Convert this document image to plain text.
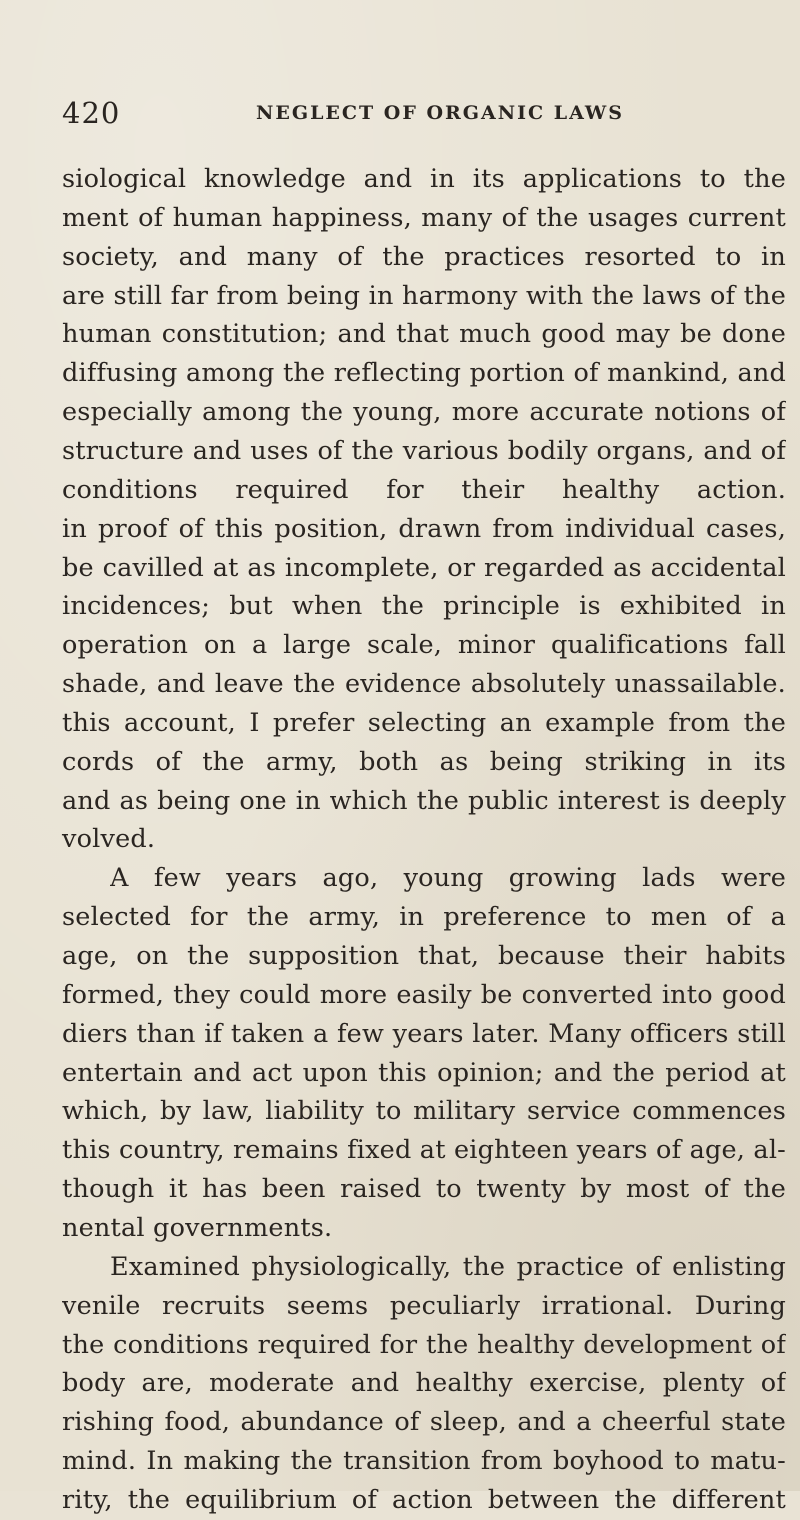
420	NEGLECT OF ORGANIC LAWS
siological knowledge and in its applications to the
ment of human happiness, many of the usages current
society, and many of the practices resorted to in
are still far from being in harmony with the laws of the
human constitution; and that much good may be done
diffusing among the reflecting portion of mankind, and
especially among the young, more accurate notions of
structure and uses of the various bodily organs, and of
conditions required for their healthy action.
in proof of this position, drawn from individual cases,
be cavilled at as incomplete, or regarded as accidental
incidences; but when the principle is exhibited in
operation on a large scale, minor qualifications fall
shade, and leave the evidence absolutely unassailable.
this account, I prefer selecting an example from the
cords of the army, both as being striking in its
and as being one in which the public interest is deeply
volved.
A few years ago, young growing lads were
selected for the army, in preference to men of a
age, on the supposition that, because their habits
formed, they could more easily be converted into good
diers than if taken a few years later. Many officers still
entertain and act upon this opinion; and the period at
which, by law, liability to military service commences
this country, remains fixed at eighteen years of age, al-
though it has been raised to twenty by most of the
nental governments.
Examined physiologically, the practice of enlisting
venile recruits seems peculiarly irrational. During
the conditions required for the healthy development of
body are, moderate and healthy exercise, plenty of
rishing food, abundance of sleep, and a cheerful state
mind. In making the transition from boyhood to matu-
rity, the equilibrium of action between the different
